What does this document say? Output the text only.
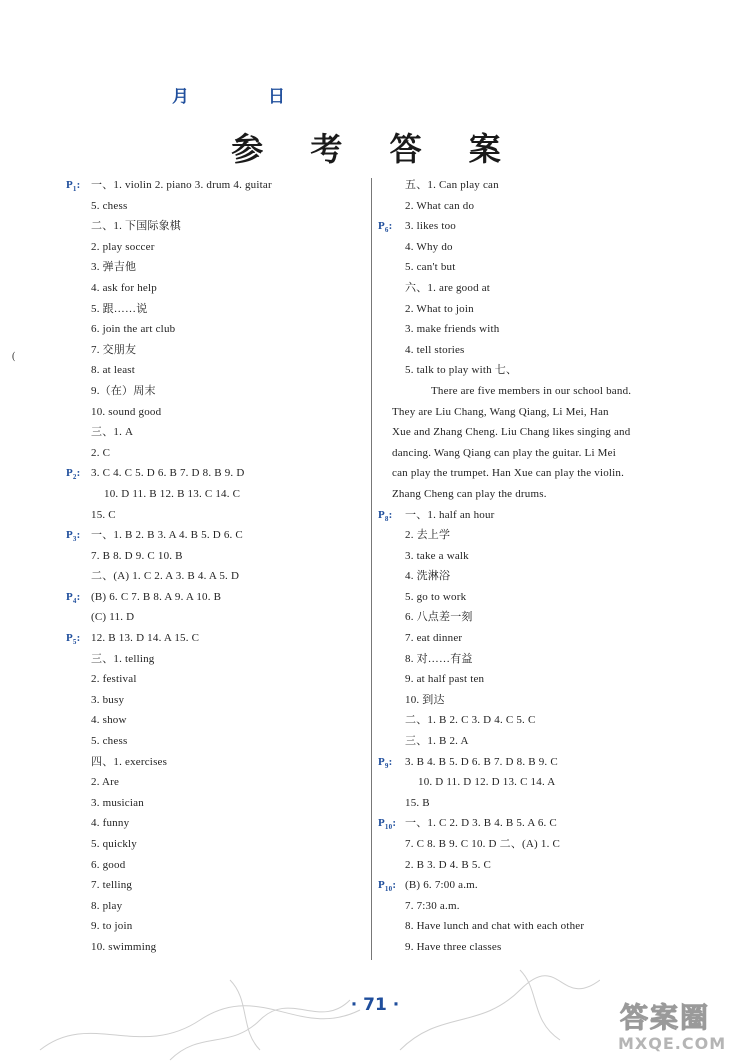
月	日
参 考 答 案
(
$P_1$: 一、1. violin 2. piano 3. drum 4. guitar
5. chess
二、1. 下国际象棋
2. play soccer
3. 弹吉他
4. ask for help
5. 跟……说
6. join the art club
7. 交朋友
8. at least
9.（在）周末
10. sound good
三、1. A
2. C
$P_2$: 3. C 4. C 5. D 6. B 7. D 8. B 9. D
10. D 11. B 12. B 13. C 14. C
15. C
$P_3$: 一、1. B 2. B 3. A 4. B 5. D 6. C
7. B 8. D 9. C 10. B
二、(A) 1. C 2. A 3. B 4. A 5. D
$P_4$: (B) 6. C 7. B 8. A 9. A 10. B
(C) 11. D
$P_5$: 12. B 13. D 14. A 15. C
三、1. telling
2. festival
3. busy
4. show
5. chess
四、1. exercises
2. Are
3. musician
4. funny
5. quickly
6. good
7. telling
8. play
9. to join
10. swimming
五、1. Can play can
2. What can do
$P_6$: 3. likes too
4. Why do
5. can't but
六、1. are good at
2. What to join
3. make friends with
4. tell stories
5. talk to play with 七、
There are five members in our school band.
They are Liu Chang, Wang Qiang, Li Mei, Han
Xue and Zhang Cheng. Liu Chang likes singing and
dancing. Wang Qiang can play the guitar. Li Mei
can play the trumpet. Han Xue can play the violin.
Zhang Cheng can play the drums.
$P_8$: 一、1. half an hour
2. 去上学
3. take a walk
4. 洗淋浴
5. go to work
6. 八点差一刻
7. eat dinner
8. 对……有益
9. at half past ten
10. 到达
二、1. B 2. C 3. D 4. C 5. C
三、1. B 2. A
$P_9$: 3. B 4. B 5. D 6. B 7. D 8. B 9. C
10. D 11. D 12. D 13. C 14. A
15. B
$P_{10}$: 一、1. C 2. D 3. B 4. B 5. A 6. C
7. C 8. B 9. C 10. D 二、(A) 1. C
2. B 3. D 4. B 5. C
$P_{10}$: (B) 6. 7:00 a.m.
7. 7:30 a.m.
8. Have lunch and chat with each other
9. Have three classes
· 71 ·	答案圈
MXQE.COM
